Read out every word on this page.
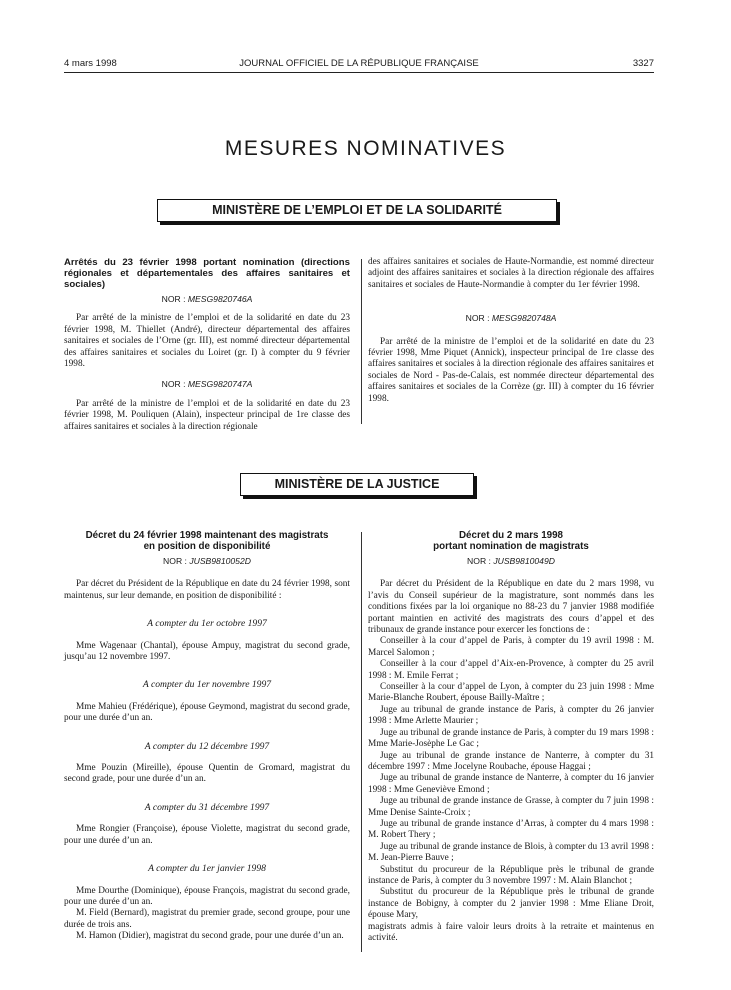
4 mars 1998	JOURNAL OFFICIEL DE LA RÉPUBLIQUE FRANÇAISE	3327
MESURES NOMINATIVES
MINISTÈRE DE L’EMPLOI ET DE LA SOLIDARITÉ
Arrêtés du 23 février 1998 portant nomination (directions régionales et départementales des affaires sanitaires et sociales)
NOR : MESG9820746A

Par arrêté de la ministre de l’emploi et de la solidarité en date du 23 février 1998, M. Thiellet (André), directeur départemental des affaires sanitaires et sociales de l’Orne (gr. III), est nommé directeur départemental des affaires sanitaires et sociales du Loiret (gr. I) à compter du 9 février 1998.

NOR : MESG9820747A

Par arrêté de la ministre de l’emploi et de la solidarité en date du 23 février 1998, M. Pouliquen (Alain), inspecteur principal de 1re classe des affaires sanitaires et sociales à la direction régionale

des affaires sanitaires et sociales de Haute-Normandie, est nommé directeur adjoint des affaires sanitaires et sociales à la direction régionale des affaires sanitaires et sociales de Haute-Normandie à compter du 1er février 1998.

NOR : MESG9820748A

Par arrêté de la ministre de l’emploi et de la solidarité en date du 23 février 1998, Mme Piquet (Annick), inspecteur principal de 1re classe des affaires sanitaires et sociales à la direction régionale des affaires sanitaires et sociales de Nord - Pas-de-Calais, est nommée directeur départemental des affaires sanitaires et sociales de la Corrèze (gr. III) à compter du 16 février 1998.

MINISTÈRE DE LA JUSTICE
Décret du 24 février 1998 maintenant des magistrats
en position de disponibilité
NOR : JUSB9810052D

Par décret du Président de la République en date du 24 février 1998, sont maintenus, sur leur demande, en position de disponibilité :

A compter du 1er octobre 1997

Mme Wagenaar (Chantal), épouse Ampuy, magistrat du second grade, jusqu’au 12 novembre 1997.

A compter du 1er novembre 1997

Mme Mahieu (Frédérique), épouse Geymond, magistrat du second grade, pour une durée d’un an.

A compter du 12 décembre 1997

Mme Pouzin (Mireille), épouse Quentin de Gromard, magistrat du second grade, pour une durée d’un an.

A compter du 31 décembre 1997

Mme Rongier (Françoise), épouse Violette, magistrat du second grade, pour une durée d’un an.

A compter du 1er janvier 1998

Mme Dourthe (Dominique), épouse François, magistrat du second grade, pour une durée d’un an.

M. Field (Bernard), magistrat du premier grade, second groupe, pour une durée de trois ans.

M. Hamon (Didier), magistrat du second grade, pour une durée d’un an.

Décret du 2 mars 1998
portant nomination de magistrats
NOR : JUSB9810049D

Par décret du Président de la République en date du 2 mars 1998, vu l’avis du Conseil supérieur de la magistrature, sont nommés dans les conditions fixées par la loi organique no 88-23 du 7 janvier 1988 modifiée portant maintien en activité des magistrats des cours d’appel et des tribunaux de grande instance pour exercer les fonctions de :

Conseiller à la cour d’appel de Paris, à compter du 19 avril 1998 : M. Marcel Salomon ;

Conseiller à la cour d’appel d’Aix-en-Provence, à compter du 25 avril 1998 : M. Emile Ferrat ;

Conseiller à la cour d’appel de Lyon, à compter du 23 juin 1998 : Mme Marie-Blanche Roubert, épouse Bailly-Maître ;

Juge au tribunal de grande instance de Paris, à compter du 26 janvier 1998 : Mme Arlette Maurier ;

Juge au tribunal de grande instance de Paris, à compter du 19 mars 1998 : Mme Marie-Josèphe Le Gac ;

Juge au tribunal de grande instance de Nanterre, à compter du 31 décembre 1997 : Mme Jocelyne Roubache, épouse Haggai ;

Juge au tribunal de grande instance de Nanterre, à compter du 16 janvier 1998 : Mme Geneviève Emond ;

Juge au tribunal de grande instance de Grasse, à compter du 7 juin 1998 : Mme Denise Sainte-Croix ;

Juge au tribunal de grande instance d’Arras, à compter du 4 mars 1998 : M. Robert Thery ;

Juge au tribunal de grande instance de Blois, à compter du 13 avril 1998 : M. Jean-Pierre Bauve ;

Substitut du procureur de la République près le tribunal de grande instance de Paris, à compter du 3 novembre 1997 : M. Alain Blanchot ;

Substitut du procureur de la République près le tribunal de grande instance de Bobigny, à compter du 2 janvier 1998 : Mme Eliane Droit, épouse Mary,

magistrats admis à faire valoir leurs droits à la retraite et maintenus en activité.
